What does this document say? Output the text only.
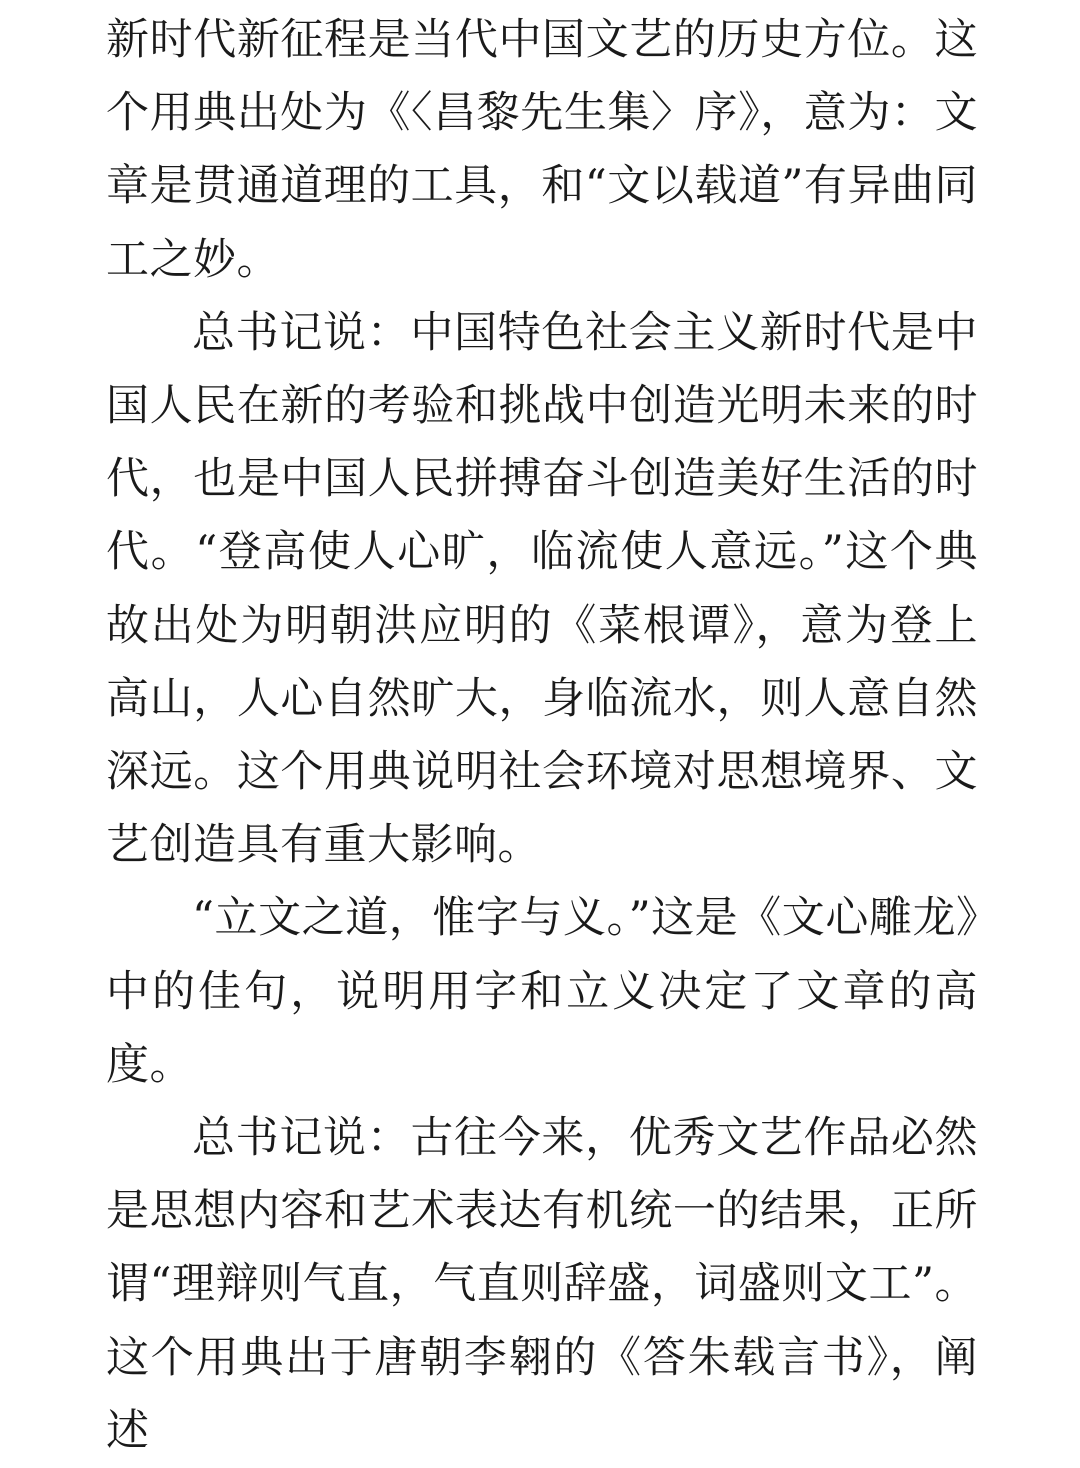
新时代新征程是当代中国文艺的历史方位。这个用典出处为《〈昌黎先生集〉序》，意为：文章是贯通道理的工具，和“文以载道”有异曲同工之妙。

总书记说：中国特色社会主义新时代是中国人民在新的考验和挑战中创造光明未来的时代，也是中国人民拼搏奋斗创造美好生活的时代。“登高使人心旷，临流使人意远。”这个典故出处为明朝洪应明的《菜根谭》，意为登上高山，人心自然旷大，身临流水，则人意自然深远。这个用典说明社会环境对思想境界、文艺创造具有重大影响。

“立文之道，惟字与义。”这是《文心雕龙》中的佳句，说明用字和立义决定了文章的高度。

总书记说：古往今来，优秀文艺作品必然是思想内容和艺术表达有机统一的结果，正所谓“理辩则气直，气直则辞盛，词盛则文工”。这个用典出于唐朝李翱的《答朱载言书》，阐述
